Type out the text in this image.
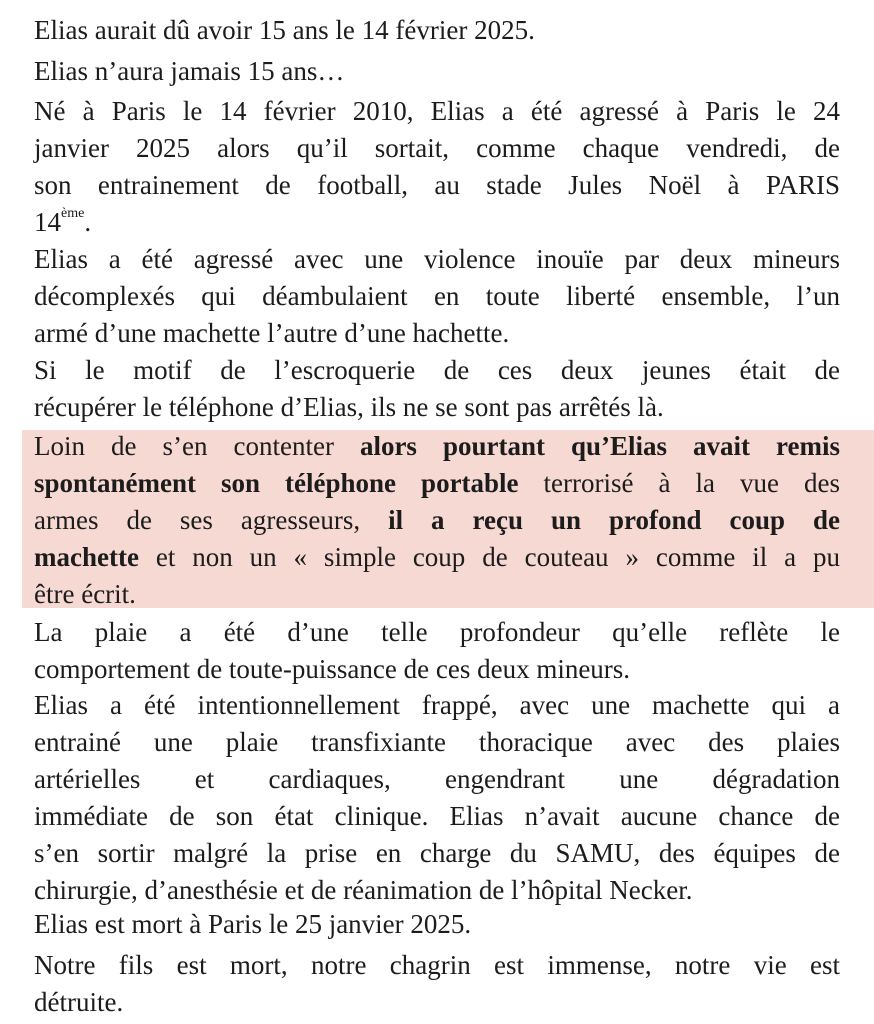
Elias aurait dû avoir 15 ans le 14 février 2025.

Elias n’aura jamais 15 ans…

Né à Paris le 14 février 2010, Elias a été agressé à Paris le 24
janvier 2025 alors qu’il sortait, comme chaque vendredi, de
son entrainement de football, au stade Jules Noël à PARIS
14ème.

Elias a été agressé avec une violence inouïe par deux mineurs
décomplexés qui déambulaient en toute liberté ensemble, l’un
armé d’une machette l’autre d’une hachette.

Si le motif de l’escroquerie de ces deux jeunes était de
récupérer le téléphone d’Elias, ils ne se sont pas arrêtés là.

Loin de s’en contenter alors pourtant qu’Elias avait remis
spontanément son téléphone portable terrorisé à la vue des
armes de ses agresseurs, il a reçu un profond coup de
machette et non un « simple coup de couteau » comme il a pu
être écrit.

La plaie a été d’une telle profondeur qu’elle reflète le
comportement de toute-puissance de ces deux mineurs.

Elias a été intentionnellement frappé, avec une machette qui a
entrainé une plaie transfixiante thoracique avec des plaies
artérielles et cardiaques, engendrant une dégradation
immédiate de son état clinique. Elias n’avait aucune chance de
s’en sortir malgré la prise en charge du SAMU, des équipes de
chirurgie, d’anesthésie et de réanimation de l’hôpital Necker.

Elias est mort à Paris le 25 janvier 2025.

Notre fils est mort, notre chagrin est immense, notre vie est
détruite.
